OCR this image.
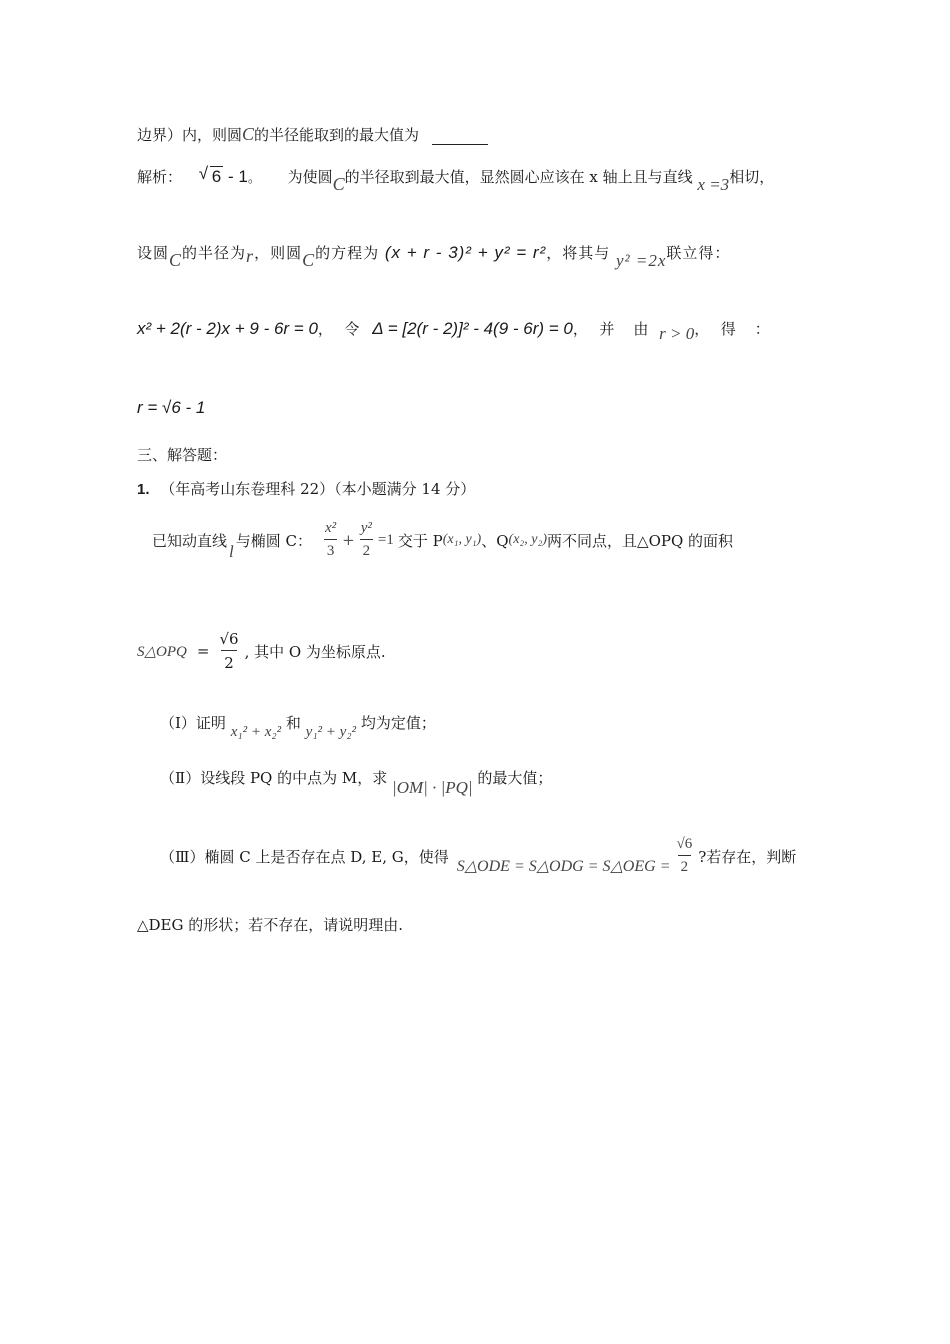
边界）内，则圆C的半径能取到的最大值为
解析： √ 6 - 1。 为使圆C的半径取到最大值，显然圆心应该在 x 轴上且与直线 x =3相切，
设圆C的半径为r，则圆C的方程为 (x + r - 3)² + y² = r²，将其与 y² =2x联立得：
x² + 2(r - 2)x + 9 - 6r = 0，　令 Δ = [2(r - 2)]² - 4(9 - 6r) = 0，　并　由 r > 0，　得　：
r = √6 - 1
三、解答题：
1. （年高考山东卷理科 22）（本小题满分 14 分）
已知动直线
l
与椭圆 C： $\frac{\text{x²}}{3} + \frac{\text{y²}}{2} =1$ 交于 P (x₁, y₁) 、Q (x₂, y₂) 两不同点，且△OPQ 的面积
S△OPQ = $\frac{√6}{2}$ , 其中 O 为坐标原点.
（Ⅰ）证明 x₁² + x₂² 和 y₁² + y₂² 均为定值；
（Ⅱ）设线段 PQ 的中点为 M，求 |OM| · |PQ| 的最大值；
（Ⅲ）椭圆 C 上是否存在点 D, E, G，使得
S△ODE = S△ODG = S△OEG = $\frac{√6}{2}$ ?若存在，判断
△DEG 的形状；若不存在，请说明理由.
